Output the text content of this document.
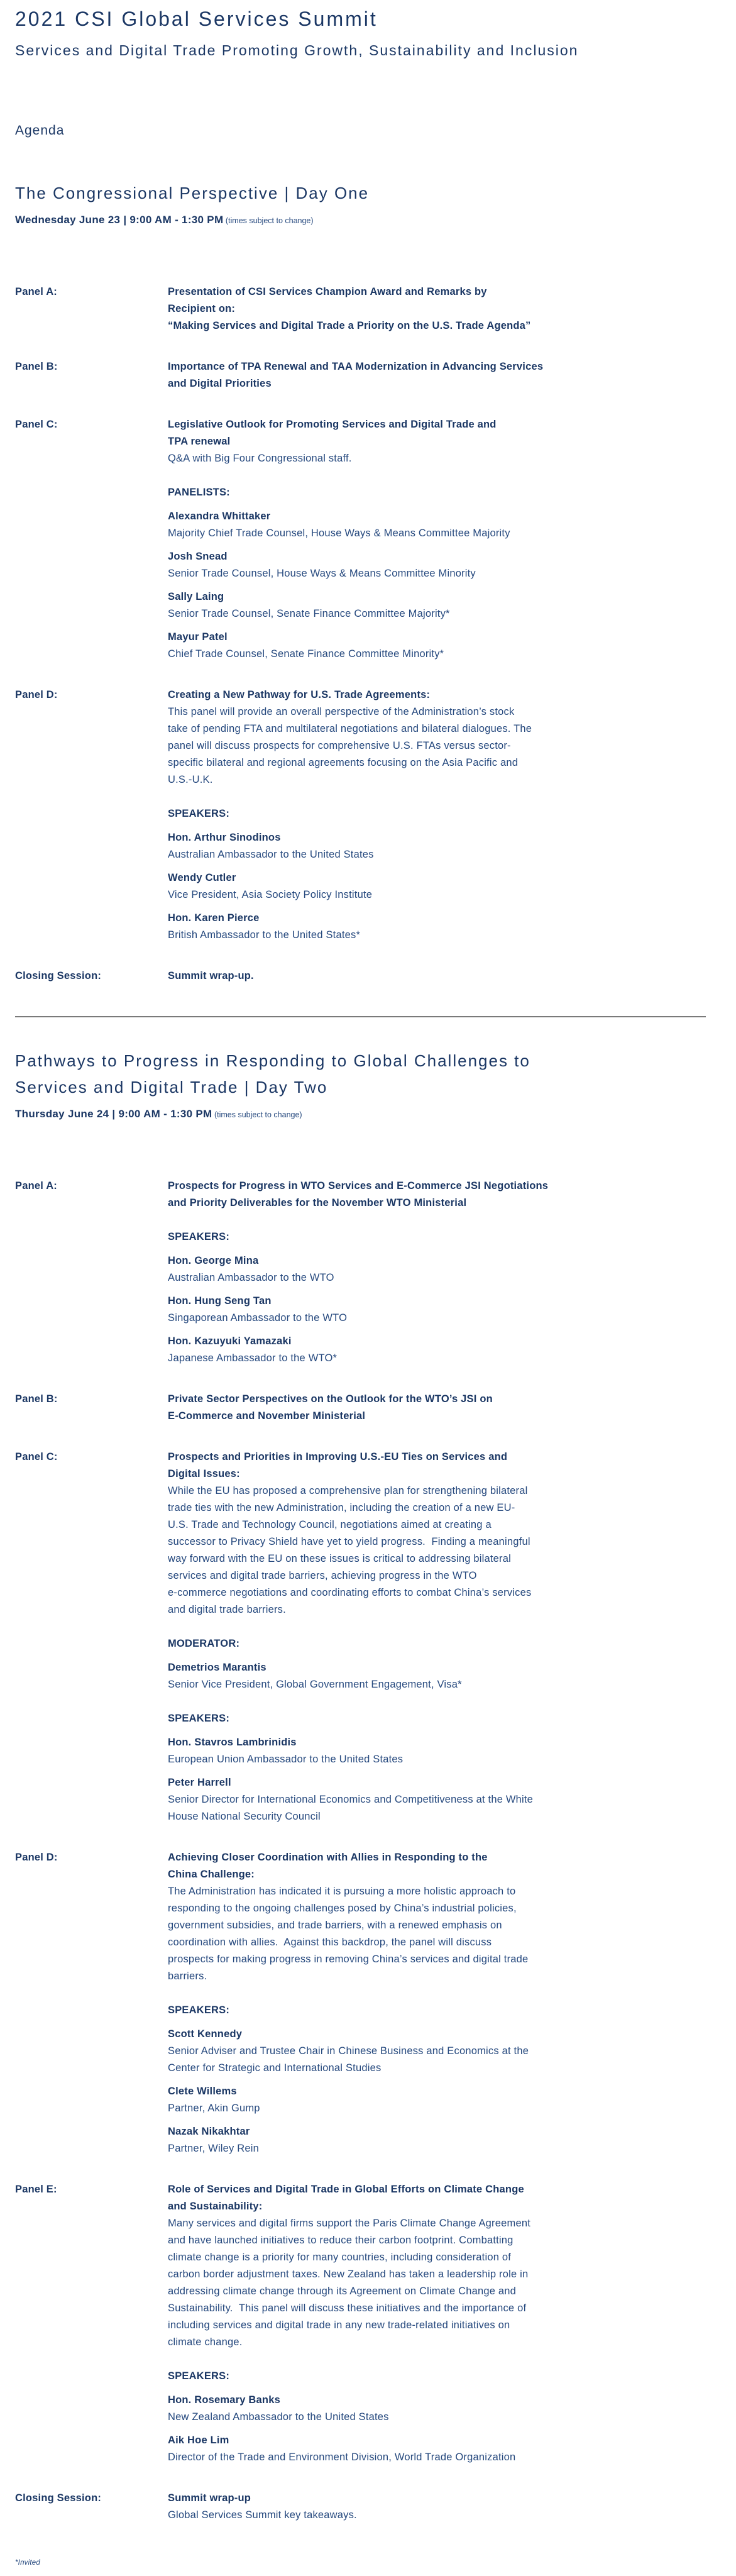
2021 CSI Global Services Summit
Services and Digital Trade Promoting Growth, Sustainability and Inclusion
Agenda
The Congressional Perspective | Day One
Wednesday June 23 | 9:00 AM - 1:30 PM (times subject to change)
Panel A:	Presentation of CSI Services Champion Award and Remarks by
Recipient on:
“Making Services and Digital Trade a Priority on the U.S. Trade Agenda”
Panel B:	Importance of TPA Renewal and TAA Modernization in Advancing Services
and Digital Priorities
Panel C:	Legislative Outlook for Promoting Services and Digital Trade and
TPA renewal
Q&A with Big Four Congressional staff.
PANELISTS:
Alexandra Whittaker
Majority Chief Trade Counsel, House Ways & Means Committee Majority
Josh Snead
Senior Trade Counsel, House Ways & Means Committee Minority
Sally Laing
Senior Trade Counsel, Senate Finance Committee Majority*
Mayur Patel
Chief Trade Counsel, Senate Finance Committee Minority*
Panel D:	Creating a New Pathway for U.S. Trade Agreements:
This panel will provide an overall perspective of the Administration’s stock
take of pending FTA and multilateral negotiations and bilateral dialogues. The
panel will discuss prospects for comprehensive U.S. FTAs versus sector-
specific bilateral and regional agreements focusing on the Asia Pacific and
U.S.-U.K.
SPEAKERS:
Hon. Arthur Sinodinos
Australian Ambassador to the United States
Wendy Cutler
Vice President, Asia Society Policy Institute
Hon. Karen Pierce
British Ambassador to the United States*
Closing Session:	Summit wrap-up.
Pathways to Progress in Responding to Global Challenges to
Services and Digital Trade | Day Two
Thursday June 24 | 9:00 AM - 1:30 PM (times subject to change)
Panel A:	Prospects for Progress in WTO Services and E-Commerce JSI Negotiations
and Priority Deliverables for the November WTO Ministerial
SPEAKERS:
Hon. George Mina
Australian Ambassador to the WTO
Hon. Hung Seng Tan
Singaporean Ambassador to the WTO
Hon. Kazuyuki Yamazaki
Japanese Ambassador to the WTO*
Panel B:	Private Sector Perspectives on the Outlook for the WTO’s JSI on
E-Commerce and November Ministerial
Panel C:	Prospects and Priorities in Improving U.S.-EU Ties on Services and
Digital Issues:
While the EU has proposed a comprehensive plan for strengthening bilateral
trade ties with the new Administration, including the creation of a new EU-
U.S. Trade and Technology Council, negotiations aimed at creating a
successor to Privacy Shield have yet to yield progress.  Finding a meaningful
way forward with the EU on these issues is critical to addressing bilateral
services and digital trade barriers, achieving progress in the WTO
e-commerce negotiations and coordinating efforts to combat China’s services
and digital trade barriers.
MODERATOR:
Demetrios Marantis
Senior Vice President, Global Government Engagement, Visa*
SPEAKERS:
Hon. Stavros Lambrinidis
European Union Ambassador to the United States
Peter Harrell
Senior Director for International Economics and Competitiveness at the White
House National Security Council
Panel D:	Achieving Closer Coordination with Allies in Responding to the
China Challenge:
The Administration has indicated it is pursuing a more holistic approach to
responding to the ongoing challenges posed by China’s industrial policies,
government subsidies, and trade barriers, with a renewed emphasis on
coordination with allies.  Against this backdrop, the panel will discuss
prospects for making progress in removing China’s services and digital trade
barriers.
SPEAKERS:
Scott Kennedy
Senior Adviser and Trustee Chair in Chinese Business and Economics at the
Center for Strategic and International Studies
Clete Willems
Partner, Akin Gump
Nazak Nikakhtar
Partner, Wiley Rein
Panel E:	Role of Services and Digital Trade in Global Efforts on Climate Change
and Sustainability:
Many services and digital firms support the Paris Climate Change Agreement
and have launched initiatives to reduce their carbon footprint. Combatting
climate change is a priority for many countries, including consideration of
carbon border adjustment taxes. New Zealand has taken a leadership role in
addressing climate change through its Agreement on Climate Change and
Sustainability.  This panel will discuss these initiatives and the importance of
including services and digital trade in any new trade-related initiatives on
climate change.
SPEAKERS:
Hon. Rosemary Banks
New Zealand Ambassador to the United States
Aik Hoe Lim
Director of the Trade and Environment Division, World Trade Organization
Closing Session:	Summit wrap-up
Global Services Summit key takeaways.
*Invited
